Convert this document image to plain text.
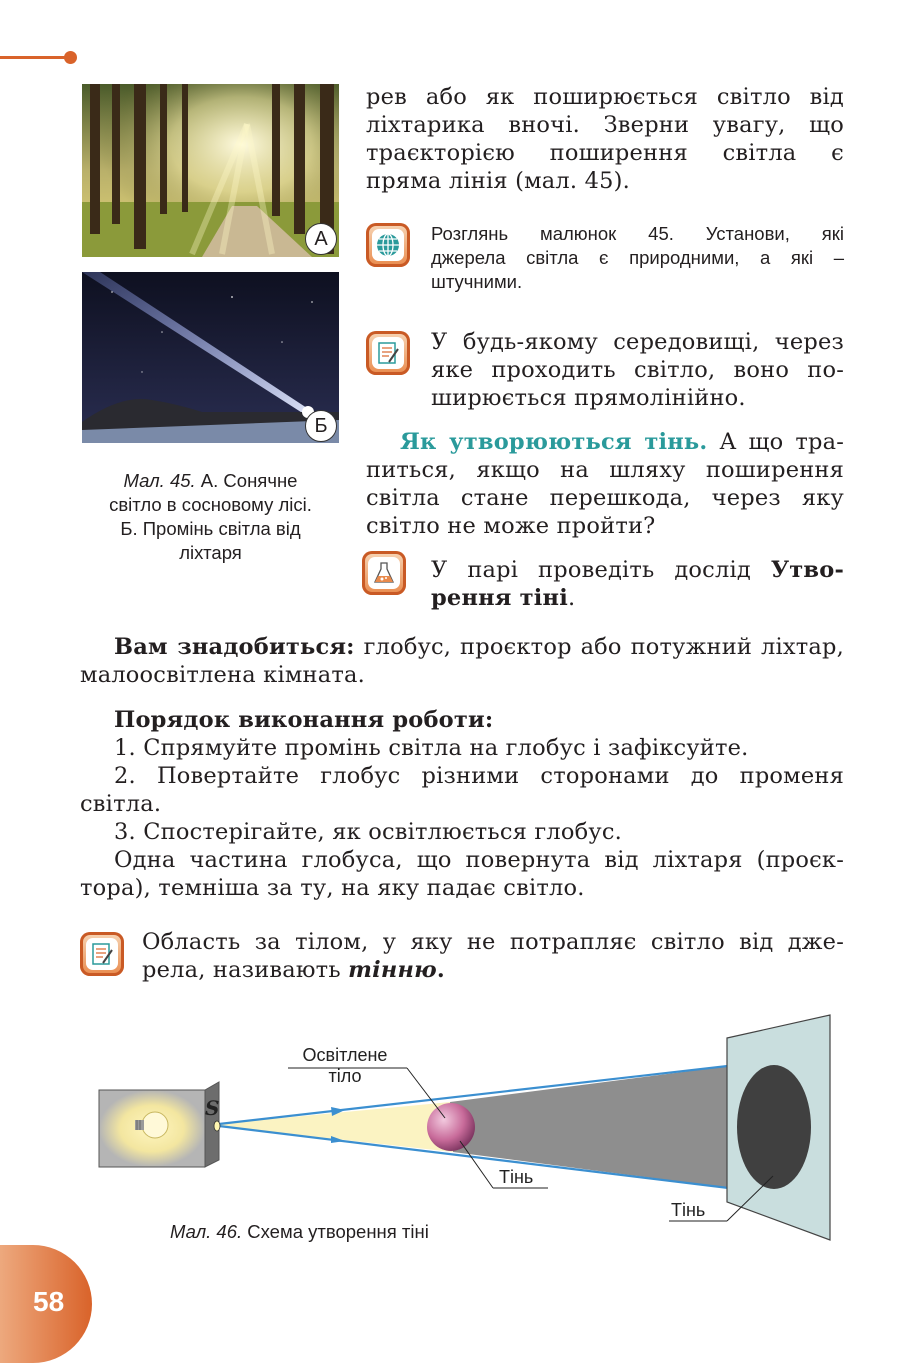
А
Б
Мал. 45. А. Сонячне
світло в сосновому лісі.
Б. Промінь світла від
ліхтаря
рев або як поширюється світло від
ліхтарика вночі. Зверни увагу, що
траєкторією поширення світла є
пряма лінія (мал. 45).
Розглянь малюнок 45. Установи, які
джерела світла є природними, а які –
штучними.
У будь-якому середовищі, через
яке проходить світло, воно по-
ширюється прямолінійно.
Як утворюються тінь. А що тра-
питься, якщо на шляху поширення
світла стане перешкода, через яку
світло не може пройти?
У парі проведіть дослід Утво-
рення тіні.
Вам знадобиться: глобус, проєктор або потужний ліхтар,
малоосвітлена кімната.
Порядок виконання роботи:
1. Спрямуйте промінь світла на глобус і зафіксуйте.
2. Повертайте глобус різними сторонами до променя
світла.
3. Спостерігайте, як освітлюється глобус.
Одна частина глобуса, що повернута від ліхтаря (проєк-
тора), темніша за ту, на яку падає світло.
Область за тілом, у яку не потрапляє світло від дже-
рела, називають тінню.
S
Освітлене
тіло
Тінь
Тінь
Мал. 46. Схема утворення тіні
58
